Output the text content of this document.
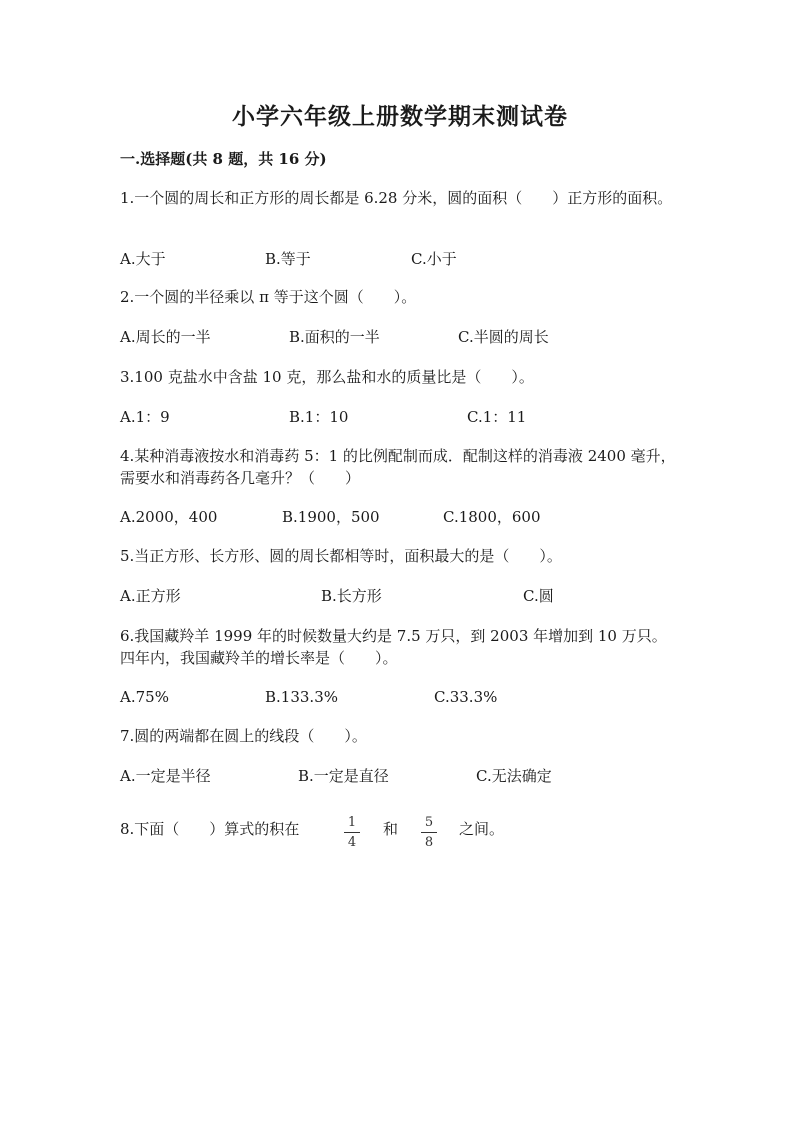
小学六年级上册数学期末测试卷
一.选择题(共 8 题，共 16 分)
1.一个圆的周长和正方形的周长都是 6.28 分米，圆的面积（　　）正方形的面积。
A.大于	B.等于	C.小于
2.一个圆的半径乘以 π 等于这个圆（　　）。
A.周长的一半	B.面积的一半	C.半圆的周长
3.100 克盐水中含盐 10 克，那么盐和水的质量比是（　　）。
A.1：9	B.1：10	C.1：11
4.某种消毒液按水和消毒药 5：1 的比例配制而成．配制这样的消毒液 2400 毫升，需要水和消毒药各几毫升？（　　）
A.2000，400	B.1900，500	C.1800，600
5.当正方形、长方形、圆的周长都相等时，面积最大的是（　　）。
A.正方形	B.长方形	C.圆
6.我国藏羚羊 1999 年的时候数量大约是 7.5 万只，到 2003 年增加到 10 万只。四年内，我国藏羚羊的增长率是（　　）。
A.75%	B.133.3%	C.33.3%
7.圆的两端都在圆上的线段（　　）。
A.一定是半径	B.一定是直径	C.无法确定
8.下面（　　）算式的积在	1
4
和 5
8
之间。
